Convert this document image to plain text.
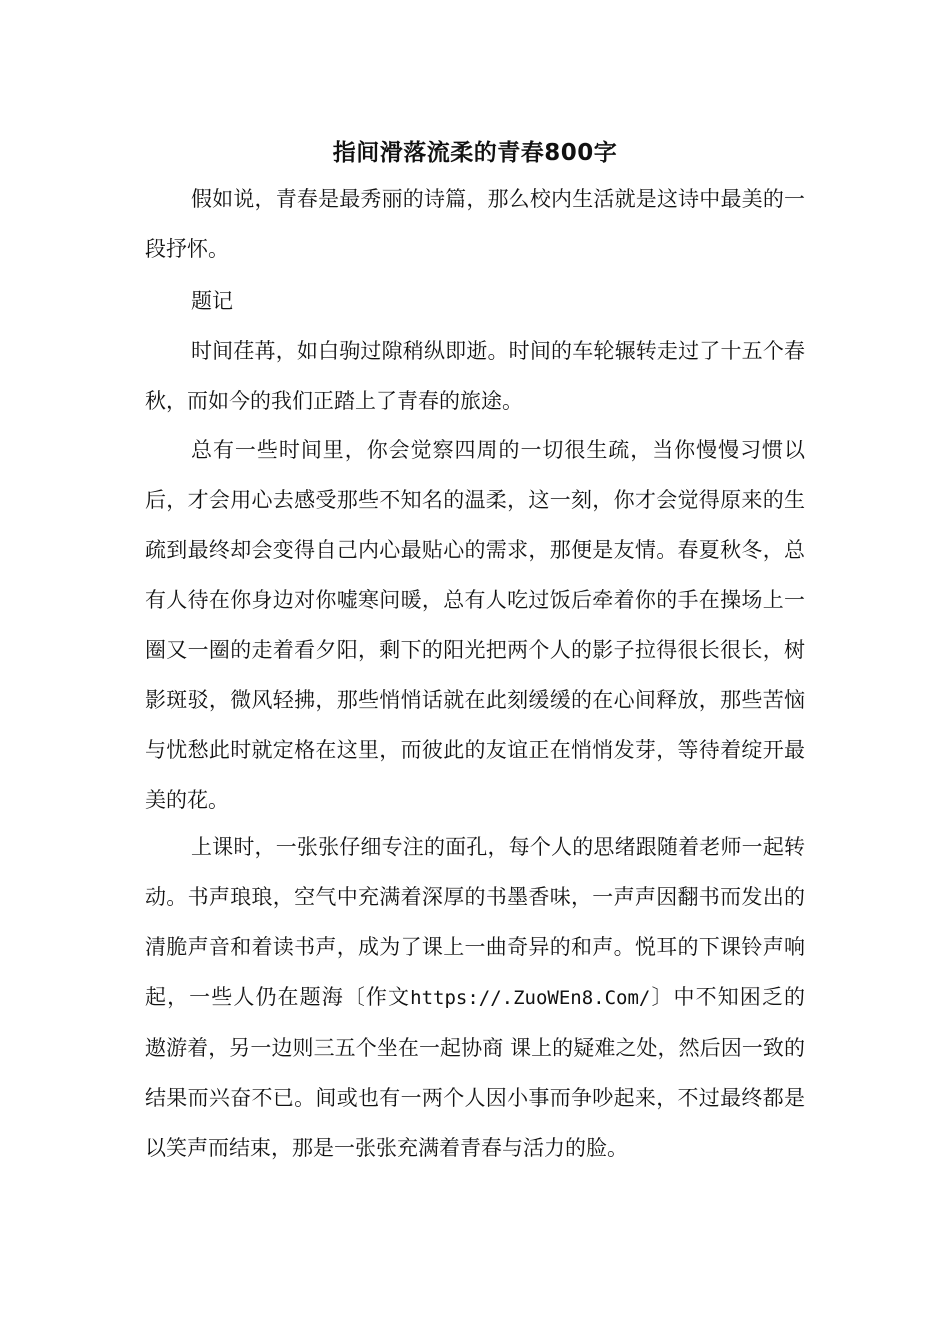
指间滑落流柔的青春800字

假如说，青春是最秀丽的诗篇，那么校内生活就是这诗中最美的一段抒怀。

题记

时间荏苒，如白驹过隙稍纵即逝。时间的车轮辗转走过了十五个春秋，而如今的我们正踏上了青春的旅途。

总有一些时间里，你会觉察四周的一切很生疏，当你慢慢习惯以后，才会用心去感受那些不知名的温柔，这一刻，你才会觉得原来的生疏到最终却会变得自己内心最贴心的需求，那便是友情。春夏秋冬，总有人待在你身边对你嘘寒问暖，总有人吃过饭后牵着你的手在操场上一圈又一圈的走着看夕阳，剩下的阳光把两个人的影子拉得很长很长，树影斑驳，微风轻拂，那些悄悄话就在此刻缓缓的在心间释放，那些苦恼与忧愁此时就定格在这里，而彼此的友谊正在悄悄发芽，等待着绽开最美的花。

上课时，一张张仔细专注的面孔，每个人的思绪跟随着老师一起转动。书声琅琅，空气中充满着深厚的书墨香味，一声声因翻书而发出的清脆声音和着读书声，成为了课上一曲奇异的和声。悦耳的下课铃声响起，一些人仍在题海〔作文https://.ZuoWEn8.Com/〕中不知困乏的遨游着，另一边则三五个坐在一起协商 课上的疑难之处，然后因一致的结果而兴奋不已。间或也有一两个人因小事而争吵起来，不过最终都是以笑声而结束，那是一张张充满着青春与活力的脸。
